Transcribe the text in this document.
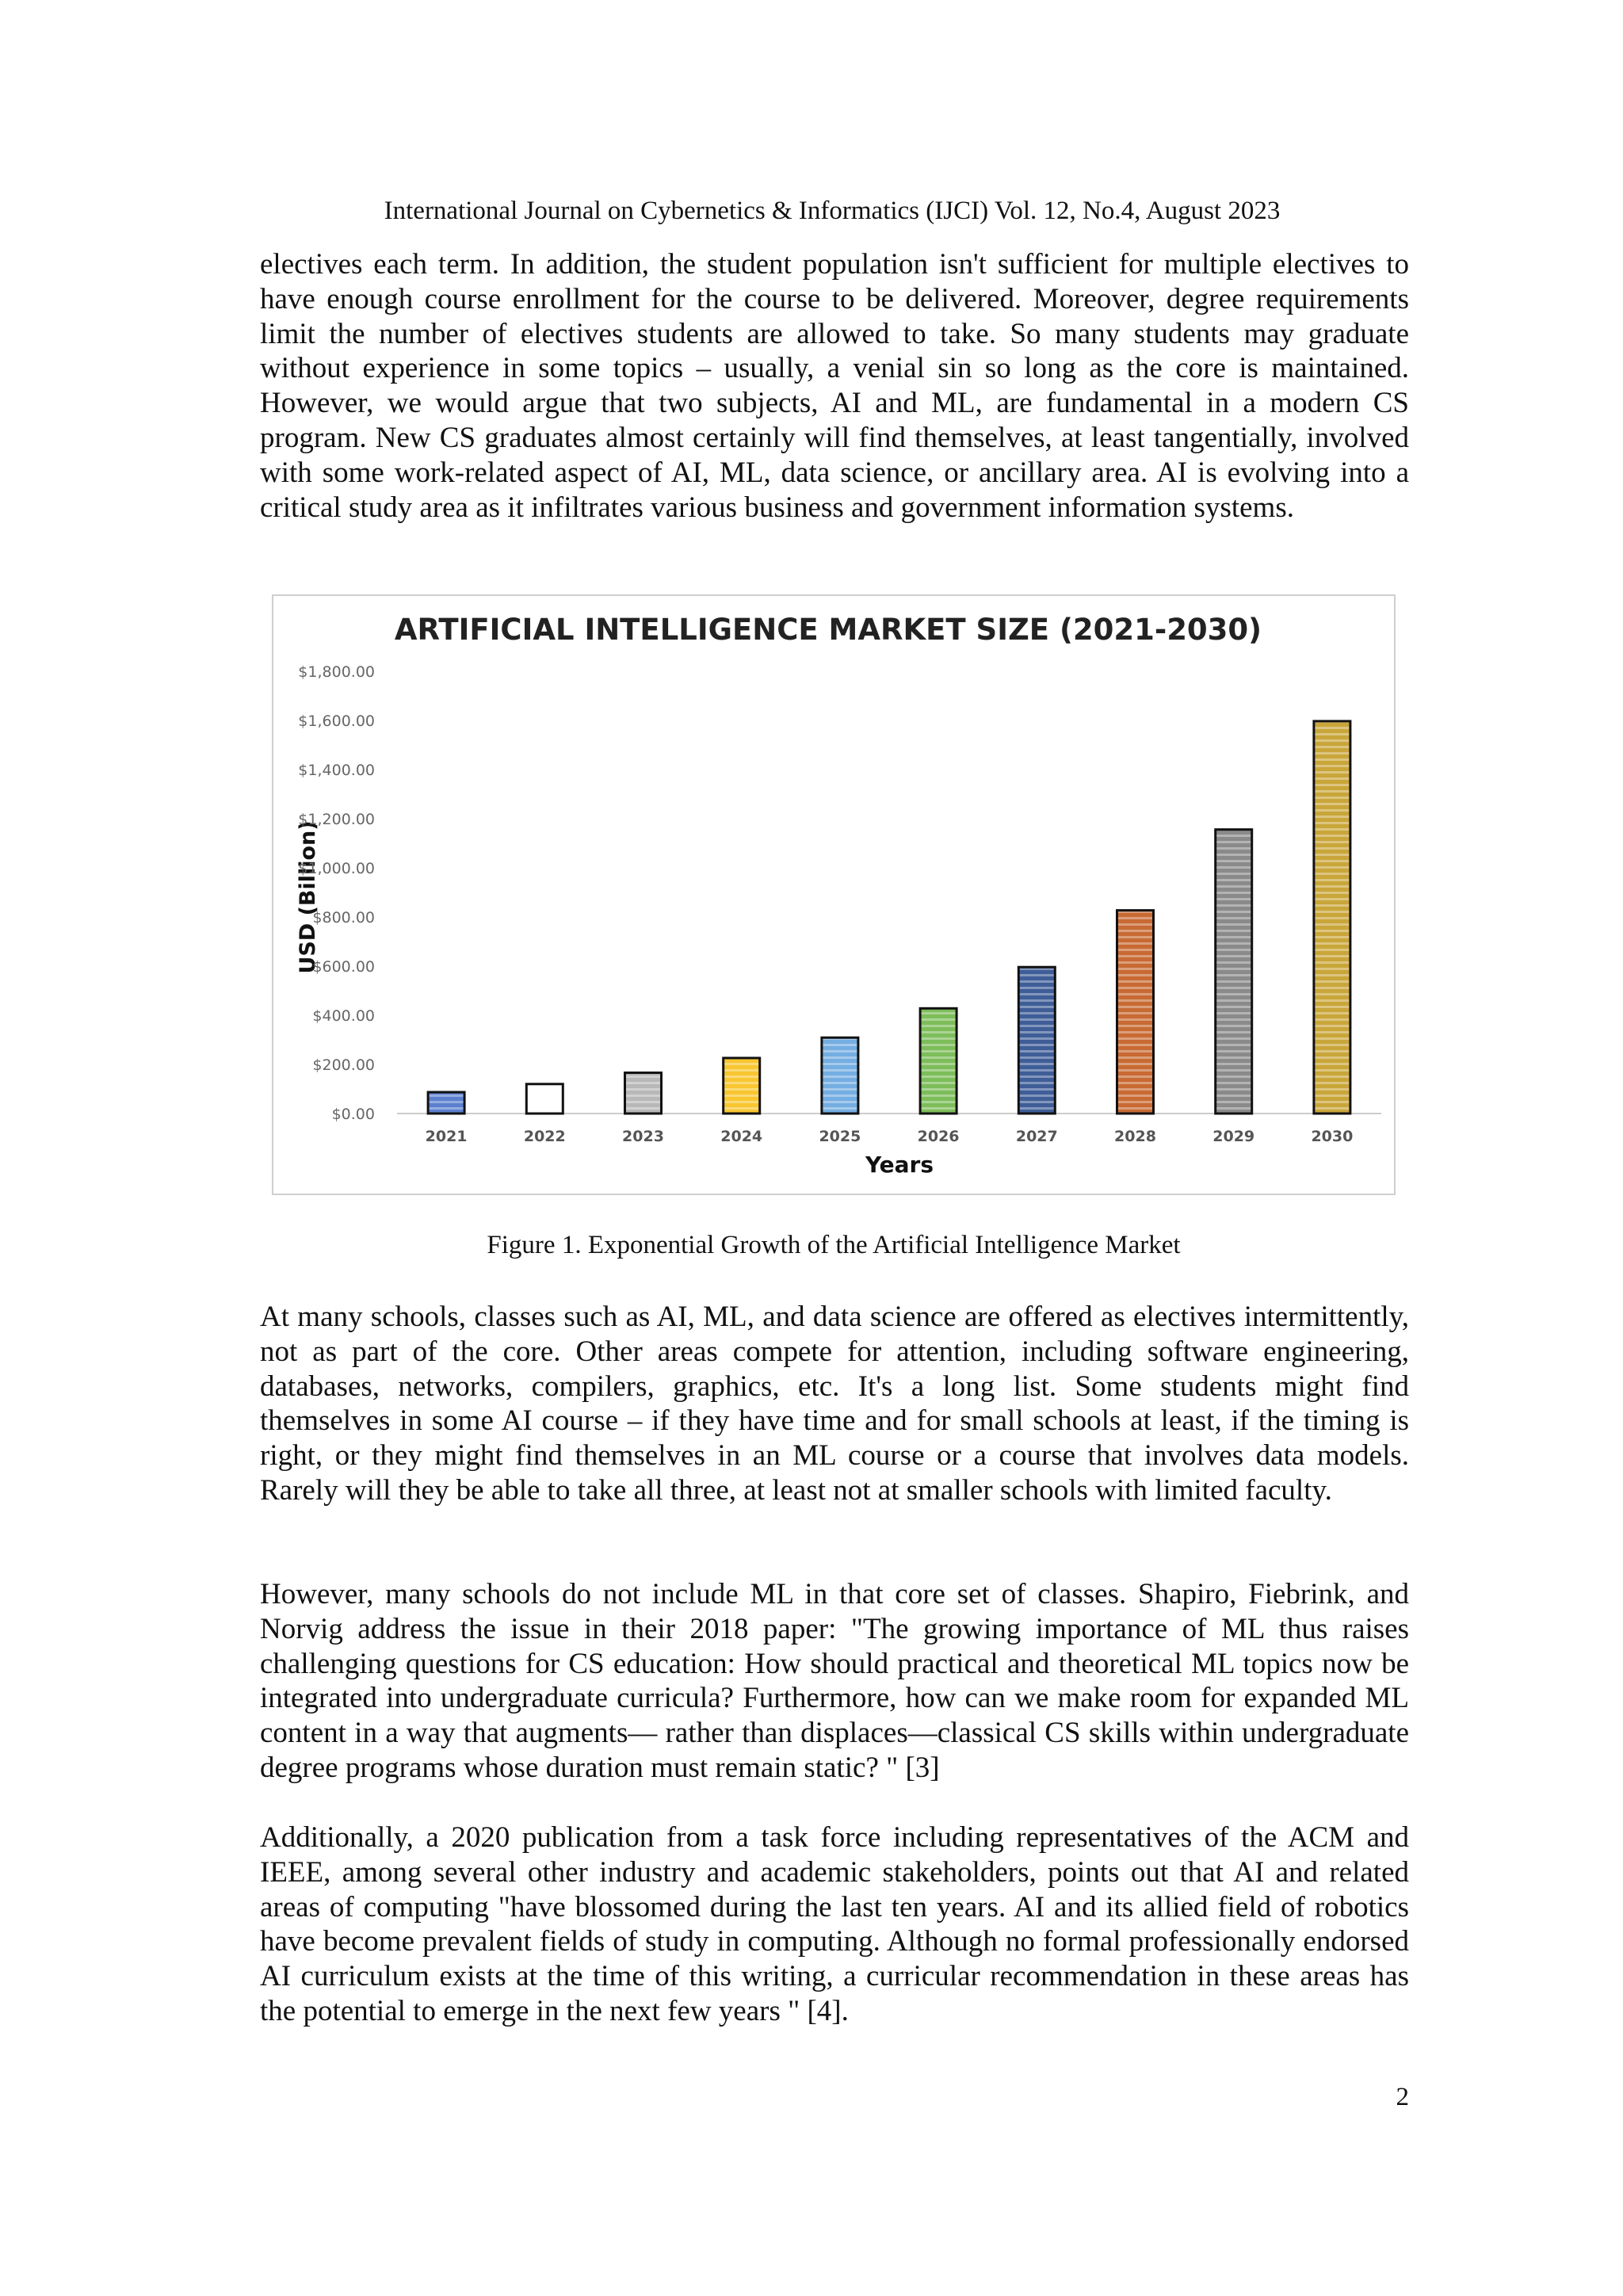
International Journal on Cybernetics & Informatics (IJCI) Vol. 12, No.4, August 2023
electives each term. In addition, the student population isn't sufficient for multiple electives to have enough course enrollment for the course to be delivered. Moreover, degree requirements limit the number of electives students are allowed to take. So many students may graduate without experience in some topics – usually, a venial sin so long as the core is maintained. However, we would argue that two subjects, AI and ML, are fundamental in a modern CS program. New CS graduates almost certainly will find themselves, at least tangentially, involved with some work-related aspect of AI, ML, data science, or ancillary area. AI is evolving into a critical study area as it infiltrates various business and government information systems.
ARTIFICIAL INTELLIGENCE MARKET SIZE (2021-2030)
USD (Billion)
Years
$0.00
$200.00
$400.00
$600.00
$800.00
$1,000.00
$1,200.00
$1,400.00
$1,600.00
$1,800.00
2021	2022	2023	2024	2025	2026	2027	2028	2029	2030
Figure 1. Exponential Growth of the Artificial Intelligence Market
At many schools, classes such as AI, ML, and data science are offered as electives intermittently, not as part of the core. Other areas compete for attention, including software engineering, databases, networks, compilers, graphics, etc. It's a long list. Some students might find themselves in some AI course – if they have time and for small schools at least, if the timing is right, or they might find themselves in an ML course or a course that involves data models. Rarely will they be able to take all three, at least not at smaller schools with limited faculty.
However, many schools do not include ML in that core set of classes. Shapiro, Fiebrink, and Norvig address the issue in their 2018 paper: "The growing importance of ML thus raises challenging questions for CS education: How should practical and theoretical ML topics now be integrated into undergraduate curricula? Furthermore, how can we make room for expanded ML content in a way that augments— rather than displaces—classical CS skills within undergraduate degree programs whose duration must remain static? " [3]
Additionally, a 2020 publication from a task force including representatives of the ACM and IEEE, among several other industry and academic stakeholders, points out that AI and related areas of computing "have blossomed during the last ten years. AI and its allied field of robotics have become prevalent fields of study in computing. Although no formal professionally endorsed AI curriculum exists at the time of this writing, a curricular recommendation in these areas has the potential to emerge in the next few years " [4].
2
